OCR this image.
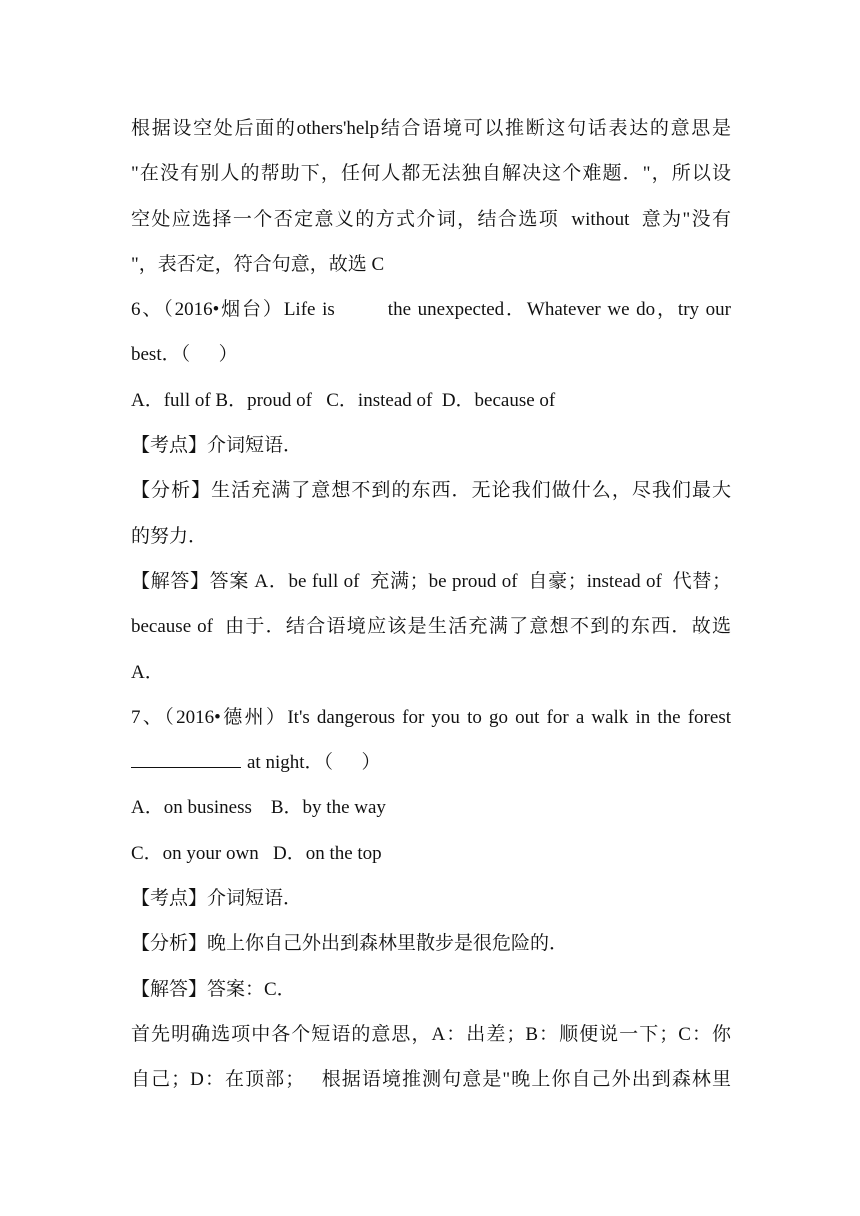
根据设空处后面的others'help结合语境可以推断这句话表达的意思是
"在没有别人的帮助下，任何人都无法独自解决这个难题．"，所以设
空处应选择一个否定意义的方式介词，结合选项  without  意为"没有
"，表否定，符合句意，故选 C
6、（2016•烟台）Life is        the unexpected．Whatever we do，try our
best．（      ）
A．full of B．proud of   C．instead of  D．because of
【考点】介词短语．
【分析】生活充满了意想不到的东西．无论我们做什么，尽我们最大
的努力．
【解答】答案 A．be full of  充满；be proud of  自豪；instead of  代替；
because of  由于．结合语境应该是生活充满了意想不到的东西．故选
A．
7、（2016•德州）It's dangerous for you to go out for a walk in the forest
at night．（      ）
A．on business    B．by the way
C．on your own   D．on the top
【考点】介词短语．
【分析】晚上你自己外出到森林里散步是很危险的．
【解答】答案：C．
首先明确选项中各个短语的意思，A：出差；B：顺便说一下；C：你
自己；D：在顶部；   根据语境推测句意是"晚上你自己外出到森林里
